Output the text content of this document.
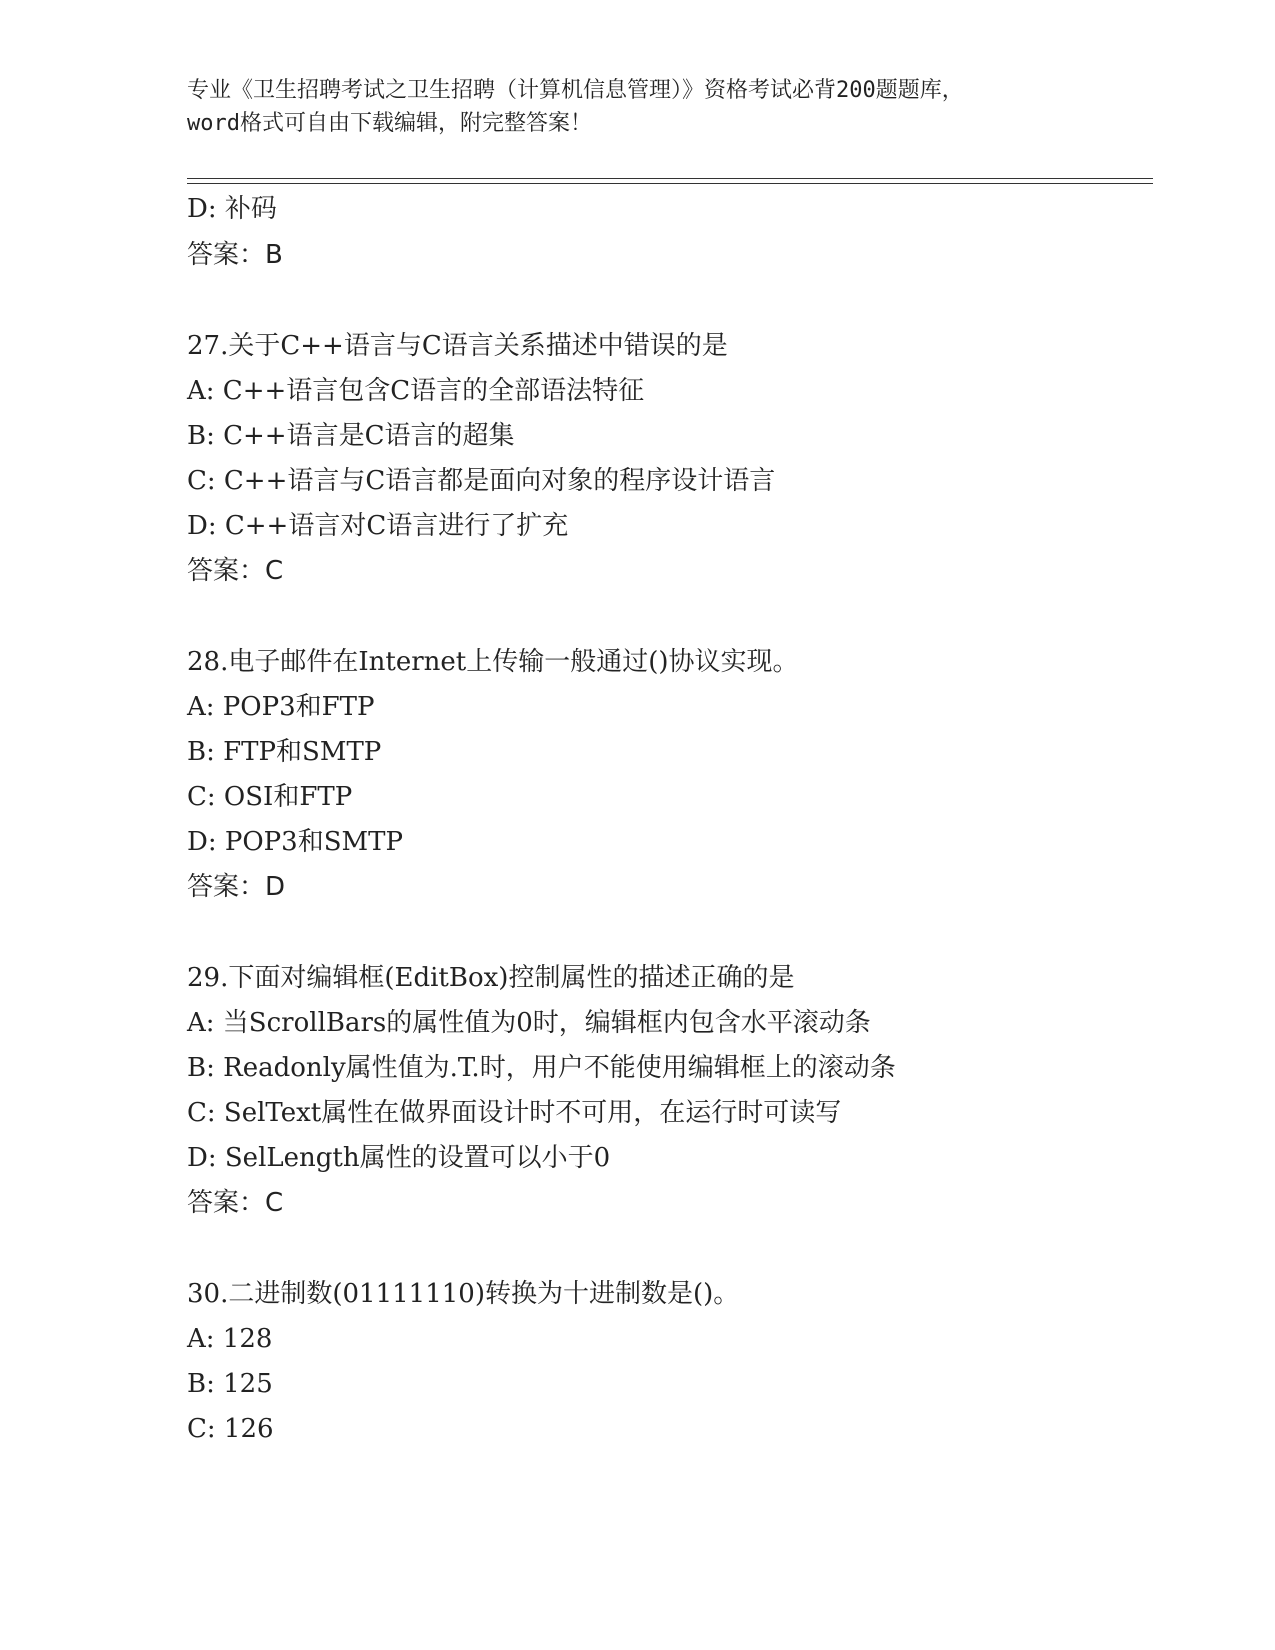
专业《卫生招聘考试之卫生招聘（计算机信息管理）》资格考试必背200题题库，
word格式可自由下载编辑，附完整答案！
D: 补码
答案：B
27.关于C++语言与C语言关系描述中错误的是
A: C++语言包含C语言的全部语法特征
B: C++语言是C语言的超集
C: C++语言与C语言都是面向对象的程序设计语言
D: C++语言对C语言进行了扩充
答案：C
28.电子邮件在Internet上传输一般通过()协议实现。
A: POP3和FTP
B: FTP和SMTP
C: OSI和FTP
D: POP3和SMTP
答案：D
29.下面对编辑框(EditBox)控制属性的描述正确的是
A: 当ScrollBars的属性值为0时，编辑框内包含水平滚动条
B: Readonly属性值为.T.时，用户不能使用编辑框上的滚动条
C: SelText属性在做界面设计时不可用，在运行时可读写
D: SelLength属性的设置可以小于0
答案：C
30.二进制数(01111110)转换为十进制数是()。
A: 128
B: 125
C: 126
